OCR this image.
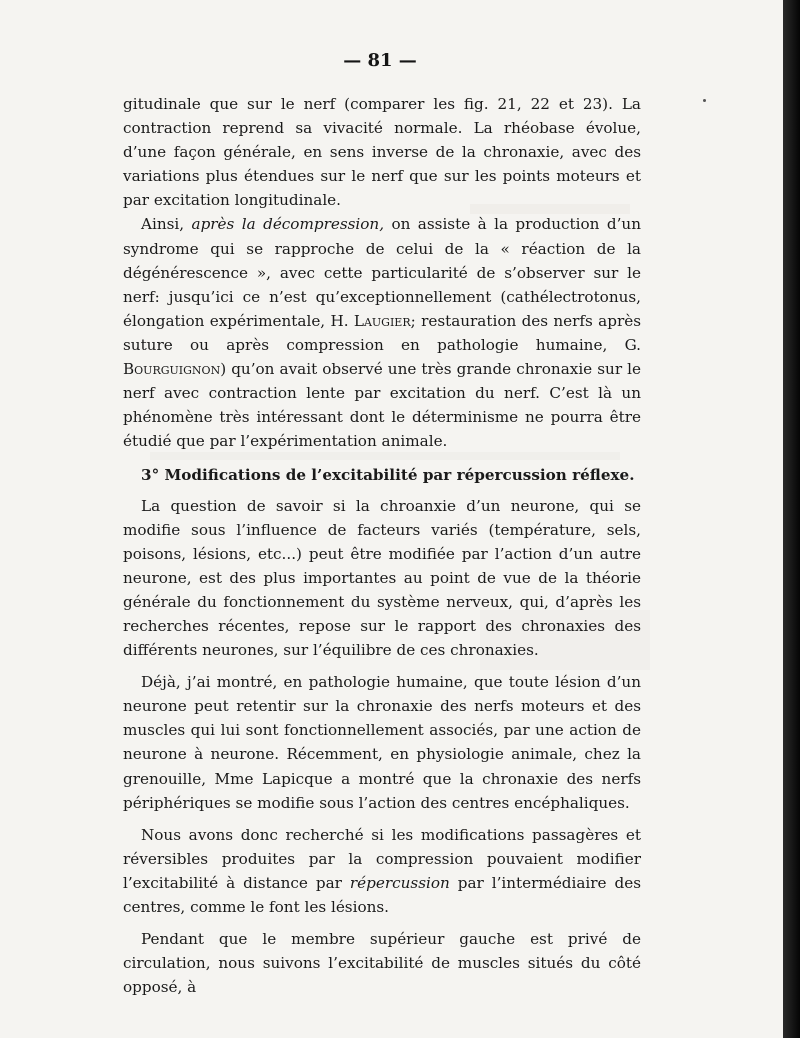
— 81 —

gitudinale que sur le nerf (comparer les fig. 21, 22 et 23). La contraction reprend sa vivacité normale. La rhéobase évolue, d’une façon générale, en sens inverse de la chronaxie, avec des variations plus étendues sur le nerf que sur les points moteurs et par excitation longitudinale.

Ainsi, après la décompression, on assiste à la production d’un syndrome qui se rapproche de celui de la « réaction de la dégénérescence », avec cette particularité de s’observer sur le nerf: jusqu’ici ce n’est qu’exceptionnellement (cathélectrotonus, élongation expérimentale, H. Laugier; restauration des nerfs après suture ou après compression en pathologie humaine, G. Bourguignon) qu’on avait observé une très grande chronaxie sur le nerf avec contraction lente par excitation du nerf. C’est là un phénomène très intéressant dont le déterminisme ne pourra être étudié que par l’expérimentation animale.

3° Modifications de l’excitabilité par répercussion réflexe.

La question de savoir si la chroanxie d’un neurone, qui se modifie sous l’influence de facteurs variés (température, sels, poisons, lésions, etc...) peut être modifiée par l’action d’un autre neurone, est des plus importantes au point de vue de la théorie générale du fonctionnement du système nerveux, qui, d’après les recherches récentes, repose sur le rapport des chronaxies des différents neurones, sur l’équilibre de ces chronaxies.

Déjà, j’ai montré, en pathologie humaine, que toute lésion d’un neurone peut retentir sur la chronaxie des nerfs moteurs et des muscles qui lui sont fonctionnellement associés, par une action de neurone à neurone. Récemment, en physiologie animale, chez la grenouille, Mme Lapicque a montré que la chronaxie des nerfs périphériques se modifie sous l’action des centres encéphaliques.

Nous avons donc recherché si les modifications passagères et réversibles produites par la compression pouvaient modifier l’excitabilité à distance par répercussion par l’intermédiaire des centres, comme le font les lésions.

Pendant que le membre supérieur gauche est privé de circulation, nous suivons l’excitabilité de muscles situés du côté opposé, à
